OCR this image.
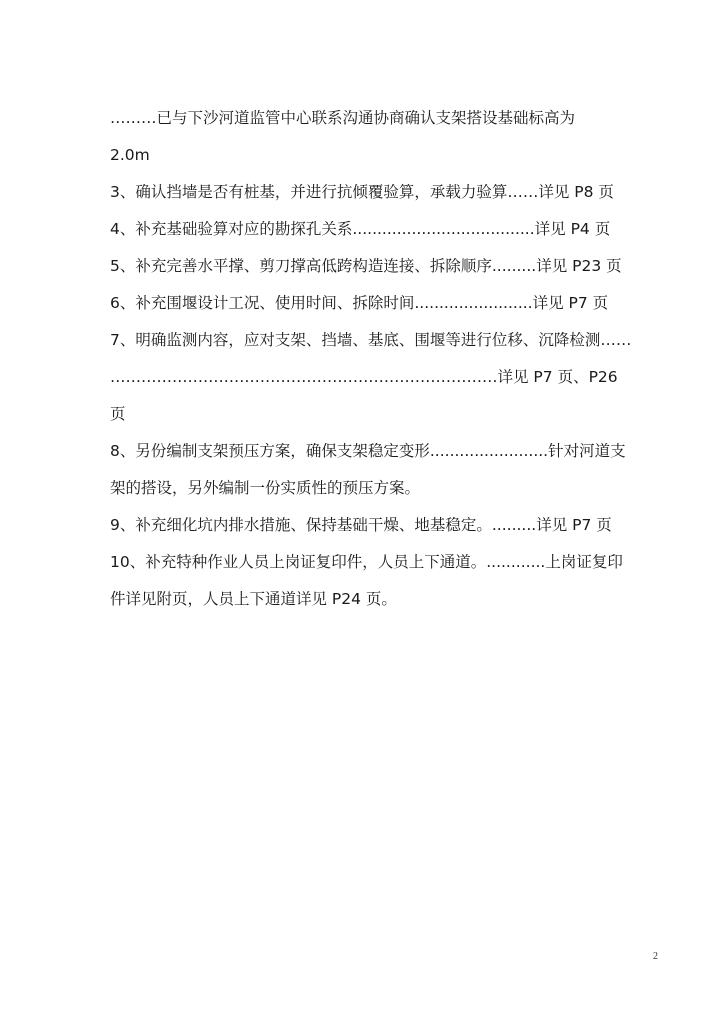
………已与下沙河道监管中心联系沟通协商确认支架搭设基础标高为
2.0m
3、确认挡墙是否有桩基，并进行抗倾覆验算，承载力验算……详见 P8 页
4、补充基础验算对应的勘探孔关系.....................................详见 P4 页
5、补充完善水平撑、剪刀撑高低跨构造连接、拆除顺序.........详见 P23 页
6、补充围堰设计工况、使用时间、拆除时间........................详见 P7 页
7、明确监测内容，应对支架、挡墙、基底、围堰等进行位移、沉降检测……
…………………………………………………………………详见 P7 页、P26
页
8、另份编制支架预压方案，确保支架稳定变形........................针对河道支
架的搭设，另外编制一份实质性的预压方案。
9、补充细化坑内排水措施、保持基础干燥、地基稳定。.........详见 P7 页
10、补充特种作业人员上岗证复印件，人员上下通道。............上岗证复印
件详见附页，人员上下通道详见 P24 页。
2
